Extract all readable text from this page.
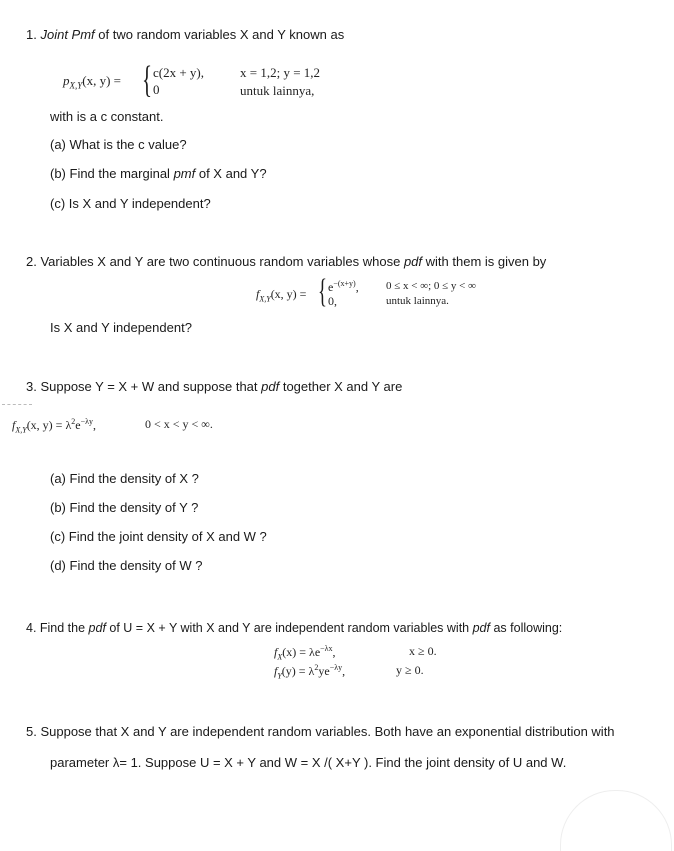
1. Joint Pmf of two random variables X and Y known as
$p_{X,Y}(x$, y) = { c(2x + y),	x = 1,2; y = 1,2
0	untuk lainnya,
with is a c constant.
(a) What is the c value?
(b) Find the marginal pmf of X and Y?
(c) Is X and Y independent?
2. Variables X and Y are two continuous random variables whose pdf with them is given by
$f_{X,Y}(x$, y) = { $e^{-(x+y)}$, 0 ≤ x < ∞; 0 ≤ y < ∞
0,	untuk lainnya.
Is X and Y independent?
3. Suppose Y = X + W and suppose that pdf together X and Y are
$f_{X,Y}(x$, $y) = \lambda^2e^{-\lambda y}$,	0 < x < y < ∞.
(a) Find the density of X ?
(b) Find the density of Y ?
(c) Find the joint density of X and W ?
(d) Find the density of W ?
4. Find the pdf of U = X + Y with X and Y are independent random variables with pdf as following:
$f_X(x) = \lambda e^{-\lambda x}$,	x ≥ 0.
$f_Y(y) = \lambda^2ye^{-\lambda y}$,	y ≥ 0.
5. Suppose that X and Y are independent random variables. Both have an exponential distribution with
parameter λ= 1. Suppose U = X + Y and W = X /( X+Y ). Find the joint density of U and W.
